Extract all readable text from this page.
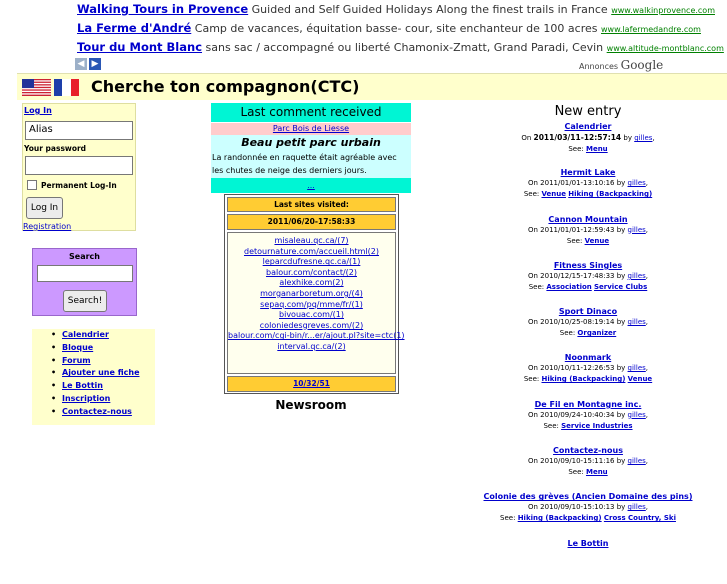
Walking Tours in Provence Guided and Self Guided Holidays Along the finest trails in France www.walkinprovence.com
La Ferme d'André Camp de vacances, équitation basse- cour, site enchanteur de 100 acres www.lafermedandre.com
Tour du Mont Blanc sans sac / accompagné ou liberté Chamonix-Zmatt, Grand Paradi, Cevin www.altitude-montblanc.com
◀ ▶	Annonces Google
Cherche ton compagnon(CTC)
Log In
Alias
Your password
Permanent Log-In
Log In
Registration
Search
Search!
• Calendrier
• Bloque
• Forum
• Ajouter une fiche
• Le Bottin
• Inscription
• Contactez-nous
Last comment received
Parc Bois de Liesse
Beau petit parc urbain
La randonnée en raquette était agréable avec les chutes de neige des derniers jours.
...
Last sites visited:
2011/06/20-17:58:33
misaleau.qc.ca/(7)
detournature.com/accueil.html(2)
leparcdufresne.qc.ca/(1)
balour.com/contact/(2)
alexhike.com(2)
morganarboretum.org/(4)
sepaq.com/pq/mme/fr/(1)
bivouac.com/(1)
coloniedesgreves.com/(2)
balour.com/cgi-bin/r...er/ajout.pl?site=ctc(1)
interval.qc.ca/(2)
10/32/51
Newsroom
New entry
Calendrier
On 2011/03/11-12:57:14 by gilles,
See: Menu
Hermit Lake
On 2011/01/01-13:10:16 by gilles,
See: Venue Hiking (Backpacking)
Cannon Mountain
On 2011/01/01-12:59:43 by gilles,
See: Venue
Fitness Singles
On 2010/12/15-17:48:33 by gilles,
See: Association Service Clubs
Sport Dinaco
On 2010/10/25-08:19:14 by gilles,
See: Organizer
Noonmark
On 2010/10/11-12:26:53 by gilles,
See: Hiking (Backpacking) Venue
De Fil en Montagne inc.
On 2010/09/24-10:40:34 by gilles,
See: Service Industries
Contactez-nous
On 2010/09/10-15:11:16 by gilles,
See: Menu
Colonie des grèves (Ancien Domaine des pins)
On 2010/09/10-15:10:13 by gilles,
See: Hiking (Backpacking) Cross Country, Ski
Le Bottin
